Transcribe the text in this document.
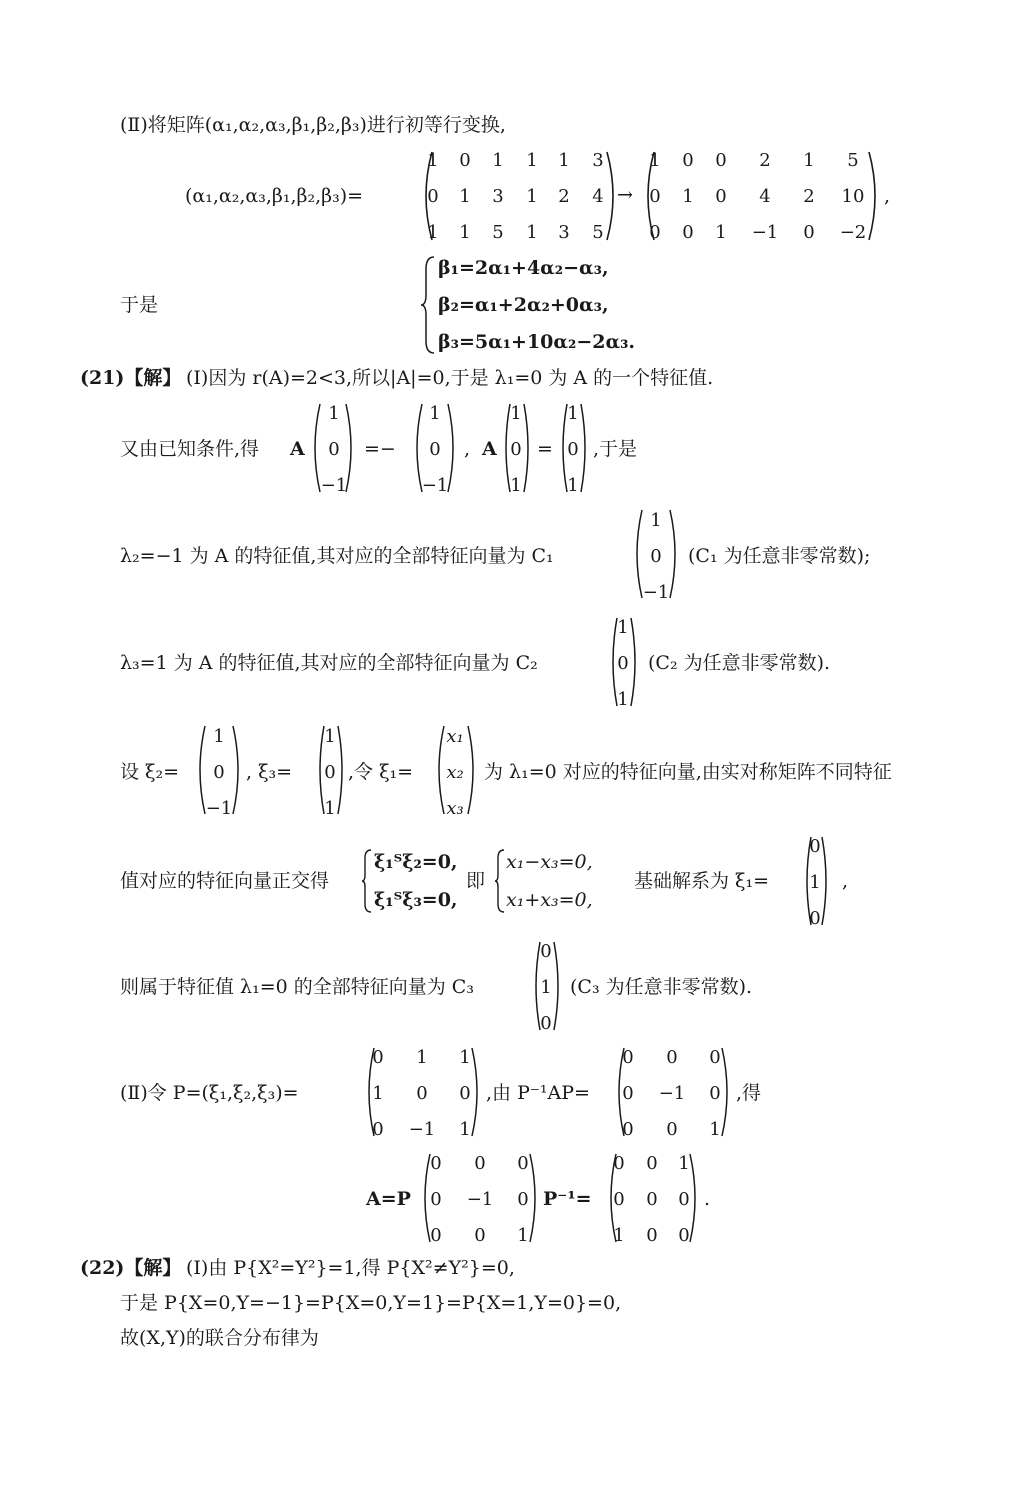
(Ⅱ)将矩阵(α₁,α₂,α₃,β₁,β₂,β₃)进行初等行变换,
(α₁,α₂,α₃,β₁,β₂,β₃)=
1 0 1 1 1 3
0 1 3 1 2 4
1 1 5 1 3 5
→
1 0 0 2 1 5
0 1 0 4 2 10
0 0 1 −1 0 −2
,
于是
β₁=2α₁+4α₂−α₃,
β₂=α₁+2α₂+0α₃,
β₃=5α₁+10α₂−2α₃.
(21)【解】 (Ⅰ)因为 r(A)=2<3,所以|A|=0,于是 λ₁=0 为 A 的一个特征值.
又由已知条件,得 A
1
0
−1
=−
1
0
−1
, A
1
0
1
=
1
0
1
,于是
λ₂=−1 为 A 的特征值,其对应的全部特征向量为 C₁
1
0
−1
(C₁ 为任意非零常数);
λ₃=1 为 A 的特征值,其对应的全部特征向量为 C₂
1
0
1
(C₂ 为任意非零常数).
设 ξ₂=
1
0
−1
, ξ₃=
1
0
1
,令 ξ₁=
x₁
x₂
x₃
为 λ₁=0 对应的特征向量,由实对称矩阵不同特征
值对应的特征向量正交得
ξ₁ᵀξ₂=0,
ξ₁ᵀξ₃=0,
即
x₁−x₃=0,
x₁+x₃=0,
基础解系为 ξ₁=
0
1
0
,
则属于特征值 λ₁=0 的全部特征向量为 C₃
0
1
0
(C₃ 为任意非零常数).
(Ⅱ)令 P=(ξ₁,ξ₂,ξ₃)=
0 1 1
1 0 0
0 −1 1
,由 P⁻¹AP=
0 0 0
0 −1 0
0 0 1
,得
A=P
0 0 0
0 −1 0
0 0 1
P⁻¹=
0 0 1
0 0 0
1 0 0
.
(22)【解】 (Ⅰ)由 P{X²=Y²}=1,得 P{X²≠Y²}=0,
于是 P{X=0,Y=−1}=P{X=0,Y=1}=P{X=1,Y=0}=0,
故(X,Y)的联合分布律为
